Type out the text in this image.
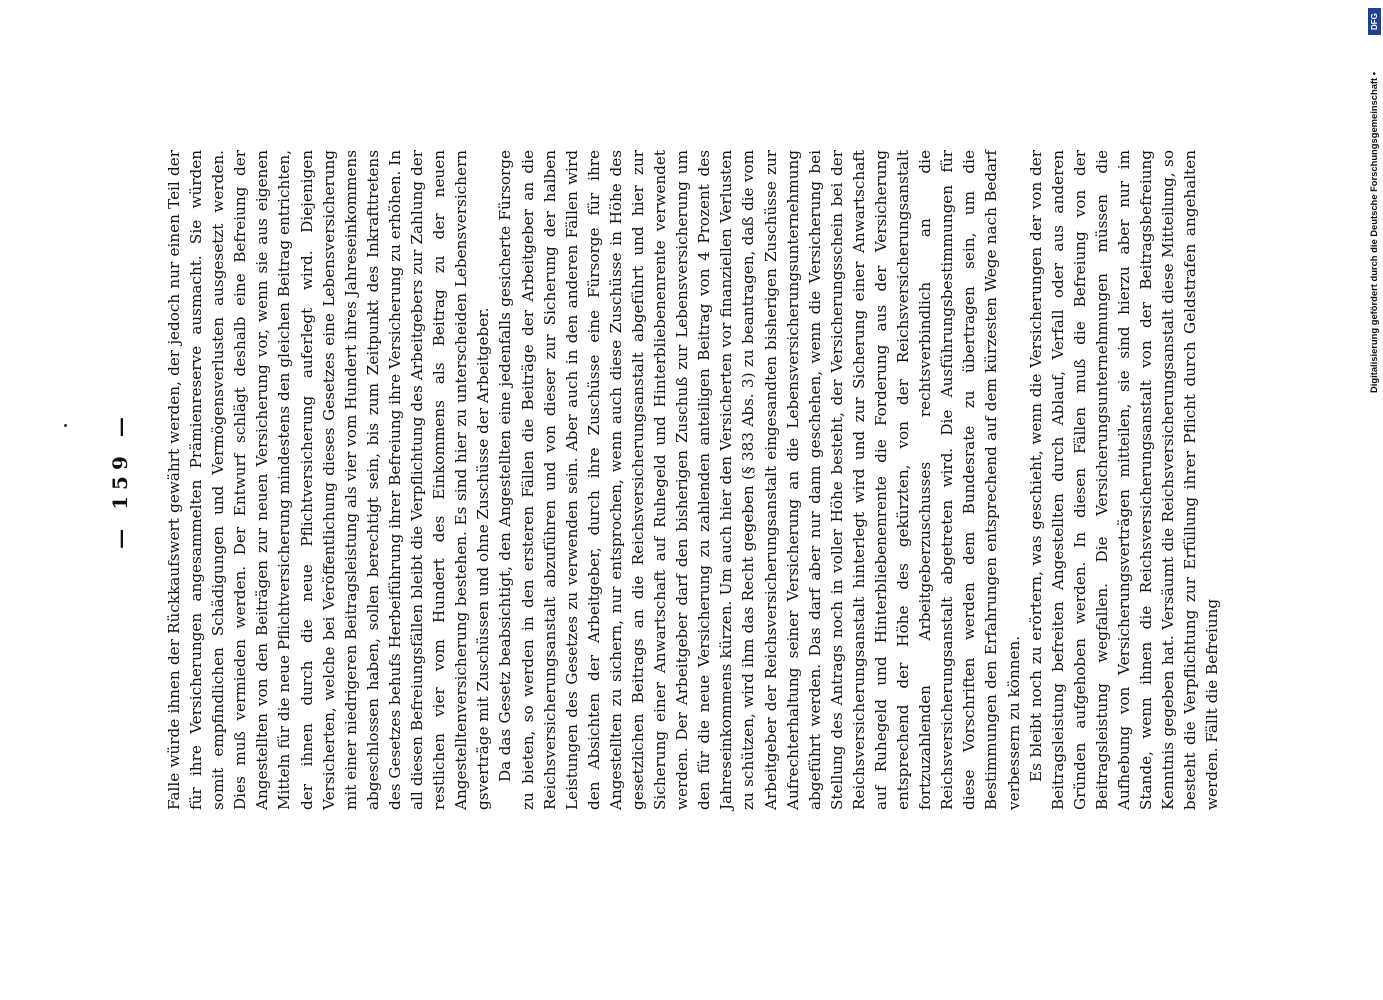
— 159 —	Falle würde ihnen der Rückkaufswert gewährt werden, der jedoch nur einen Teil der für ihre Versicherungen angesammelten Prämienreserve ausmacht. Sie würden somit empfindlichen Schädigungen und Vermögensverlusten ausgesetzt werden. Dies muß vermieden werden. Der Entwurf schlägt deshalb eine Befreiung der Angestellten von den Beiträgen zur neuen Versicherung vor, wenn sie aus eigenen Mitteln für die neue Pflichtversicherung mindestens den gleichen Beitrag entrichten, der ihnen durch die neue Pflichtversicherung auferlegt wird. Diejenigen Versicherten, welche bei Veröffentlichung dieses Gesetzes eine Lebensversicherung mit einer niedrigeren Beitragsleistung als vier vom Hundert ihres Jahreseinkommens abgeschlossen haben, sollen berechtigt sein, bis zum Zeitpunkt des Inkrafttretens des Gesetzes behufs Herbeiführung ihrer Befreiung ihre Versicherung zu erhöhen. In all diesen Befreiungsfällen bleibt die Verpflichtung des Arbeitgebers zur Zahlung der restlichen vier vom Hundert des Einkommens als Beitrag zu der neuen Angestelltenversicherung bestehen. Es sind hier zu unterscheiden Lebensversichern gsverträge mit Zuschüssen und ohne Zuschüsse der Arbeitgeber. Da das Gesetz beabsichtigt, den Angestellten eine jedenfalls gesicherte Fürsorge zu bieten, so werden in den ersteren Fällen die Beiträge der Arbeitgeber an die Reichsversicherungsanstalt abzuführen und von dieser zur Sicherung der halben Leistungen des Gesetzes zu verwenden sein. Aber auch in den anderen Fällen wird den Absichten der Arbeitgeber, durch ihre Zuschüsse eine Fürsorge für ihre Angestellten zu sichern, nur entsprochen, wenn auch diese Zuschüsse in Höhe des gesetzlichen Beitrags an die Reichsversicherungsanstalt abgeführt und hier zur Sicherung einer Anwartschaft auf Ruhegeld und Hinterbliebenenrente verwendet werden. Der Arbeitgeber darf den bisherigen Zuschuß zur Lebensversicherung um den für die neue Versicherung zu zahlenden anteiligen Beitrag von 4 Prozent des Jahreseinkommens kürzen. Um auch hier den Versicherten vor finanziellen Verlusten zu schützen, wird ihm das Recht gegeben (§ 383 Abs. 3) zu beantragen, daß die vom Arbeitgeber der Reichsversicherungsanstalt eingesandten bisherigen Zuschüsse zur Aufrechterhaltung seiner Versicherung an die Lebensversicherungsunternehmung abgeführt werden. Das darf aber nur dann geschehen, wenn die Versicherung bei Stellung des Antrags noch in voller Höhe besteht, der Versicherungsschein bei der Reichsversicherungsanstalt hinterlegt wird und zur Sicherung einer Anwartschaft auf Ruhegeld und Hinterbliebenenrente die Forderung aus der Versicherung entsprechend der Höhe des gekürzten, von der Reichsversicherungsanstalt fortzuzahlenden Arbeitgeberzuschusses rechtsverbindlich an die Reichsversicherungsanstalt abgetreten wird. Die Ausführungsbestimmungen für diese Vorschriften werden dem Bundesrate zu übertragen sein, um die Bestimmungen den Erfahrungen entsprechend auf dem kürzesten Wege nach Bedarf verbessern zu können. Es bleibt noch zu erörtern, was geschieht, wenn die Versicherungen der von der Beitragsleistung befreiten Angestellten durch Ablauf, Verfall oder aus anderen Gründen aufgehoben werden. In diesen Fällen muß die Befreiung von der Beitragsleistung wegfallen. Die Versicherungsunternehmungen müssen die Aufhebung von Versicherungsverträgen mitteilen, sie sind hierzu aber nur im Stande, wenn ihnen die Reichsversicherungsanstalt von der Beitragsbefreiung Kenntnis gegeben hat. Versäumt die Reichsversicherungsanstalt diese Mitteilung, so besteht die Verpflichtung zur Erfüllung ihrer Pflicht durch Geldstrafen angehalten werden. Fällt die Befreiung

DFG
Digitalisierung gefördert durch die Deutsche Forschungsgemeinschaft •
